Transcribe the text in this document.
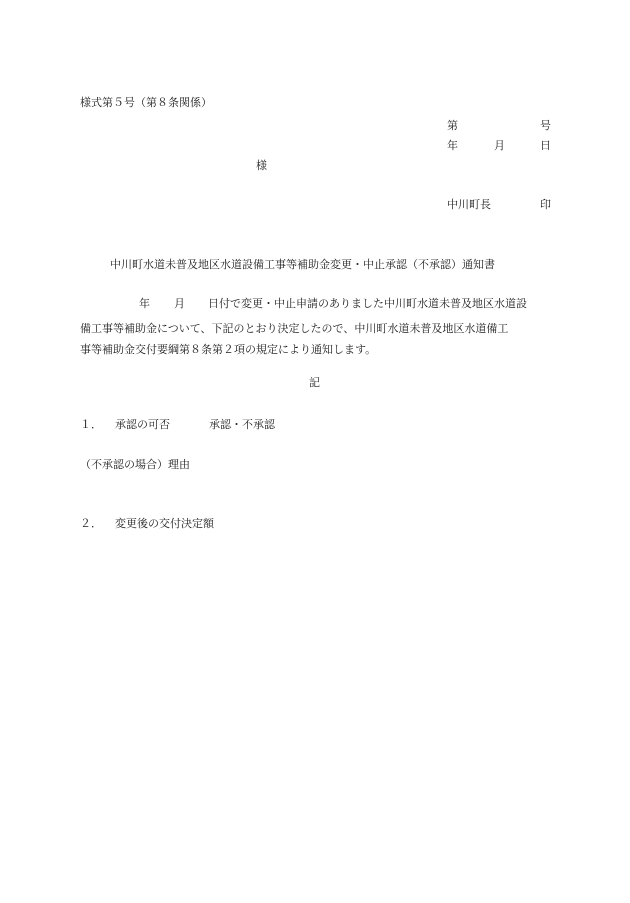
様式第５号（第８条関係）
第	号
年	月	日
様
中川町長	印
中川町水道未普及地区水道設備工事等補助金変更・中止承認（不承認）通知書
年 月 日付で変更・中止申請のありました中川町水道未普及地区水道設
備工事等補助金について、下記のとおり決定したので、中川町水道未普及地区水道備工
事等補助金交付要綱第８条第２項の規定により通知します。
記
１． 承認の可否	承認・不承認
（不承認の場合）理由
２． 変更後の交付決定額
